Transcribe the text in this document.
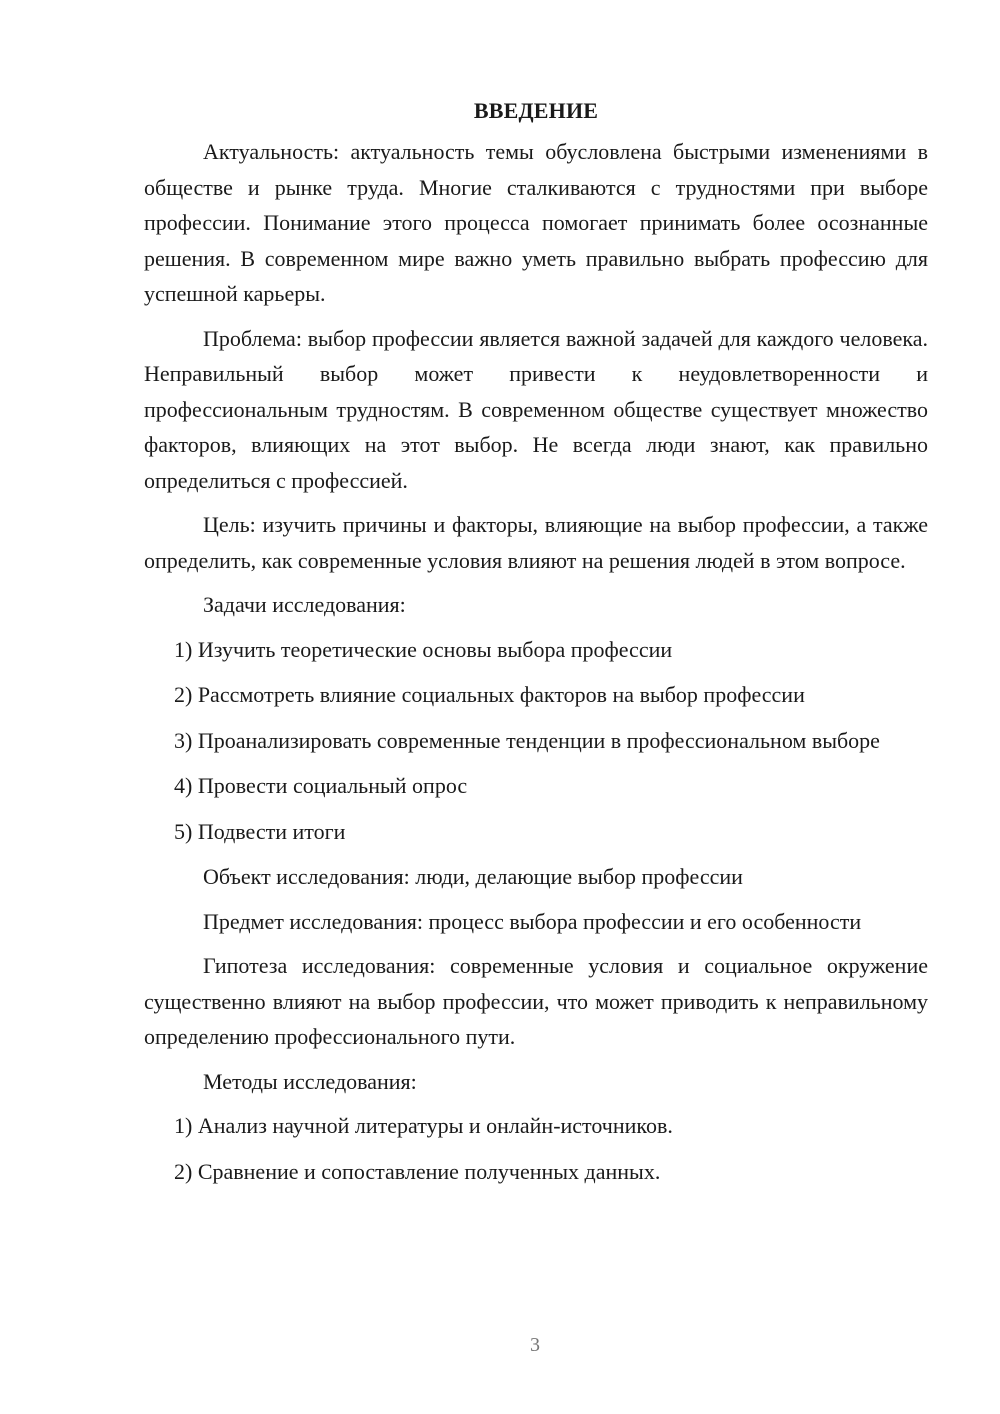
ВВЕДЕНИЕ

Актуальность: актуальность темы обусловлена быстрыми изменениями в обществе и рынке труда. Многие сталкиваются с трудностями при выборе профессии. Понимание этого процесса помогает принимать более осознанные решения. В современном мире важно уметь правильно выбрать профессию для успешной карьеры.

Проблема: выбор профессии является важной задачей для каждого человека. Неправильный выбор может привести к неудовлетворенности и профессиональным трудностям. В современном обществе существует множество факторов, влияющих на этот выбор. Не всегда люди знают, как правильно определиться с профессией.

Цель: изучить причины и факторы, влияющие на выбор профессии, а также определить, как современные условия влияют на решения людей в этом вопросе.

Задачи исследования:

1) Изучить теоретические основы выбора профессии

2) Рассмотреть влияние социальных факторов на выбор профессии

3) Проанализировать современные тенденции в профессиональном выборе

4) Провести социальный опрос

5) Подвести итоги

Объект исследования: люди, делающие выбор профессии

Предмет исследования: процесс выбора профессии и его особенности

Гипотеза исследования: современные условия и социальное окружение существенно влияют на выбор профессии, что может приводить к неправильному определению профессионального пути.

Методы исследования:

1) Анализ научной литературы и онлайн-источников.

2) Сравнение и сопоставление полученных данных.

3
